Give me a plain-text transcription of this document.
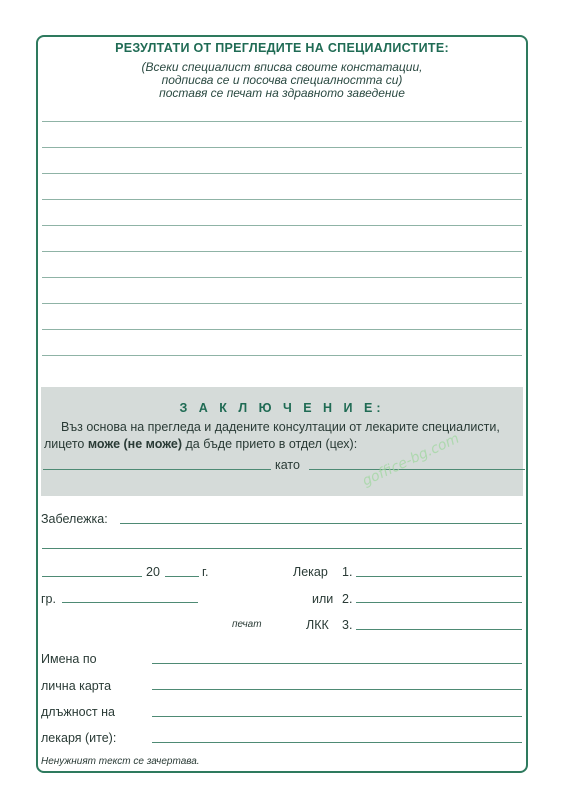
РЕЗУЛТАТИ ОТ ПРЕГЛЕДИТЕ НА СПЕЦИАЛИСТИТЕ:
(Всеки специалист вписва своите констатации,
подписва се и посочва специалността си)
поставя се печат на здравното заведение
З А К Л Ю Ч Е Н И Е:
Въз основа на прегледа и дадените консултации от лекарите специалисти,
лицето може (не може) да бъде прието в отдел (цех):
като
Забележка:
20	г.	Лекар 1.
гр.	или 2.
печат	ЛКК 3.
Имена по
лична карта
длъжност на
лекаря (ите):
Ненужният текст се зачертава.
goffice-bg.com
